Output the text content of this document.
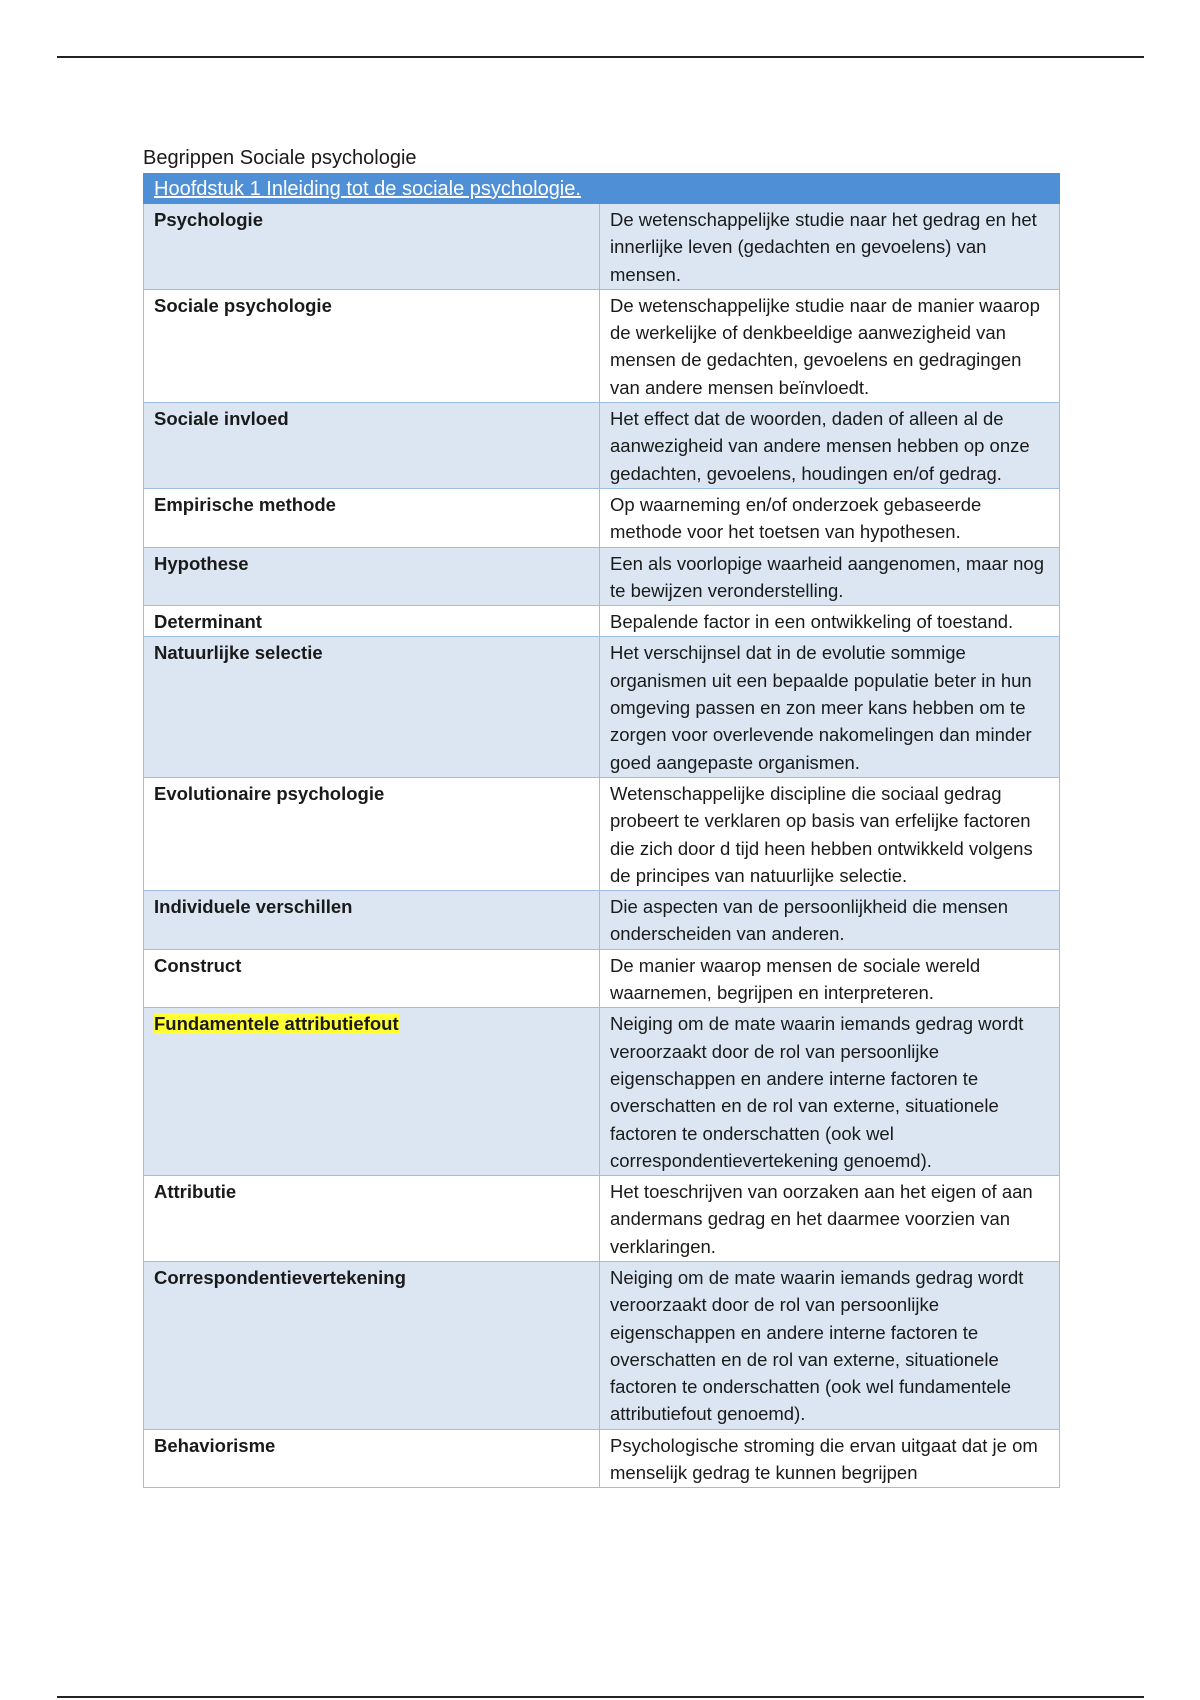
Begrippen Sociale psychologie
Hoofdstuk 1 Inleiding tot de sociale psychologie.	
Psychologie	De wetenschappelijke studie naar het gedrag en het innerlijke leven (gedachten en gevoelens) van mensen.
Sociale psychologie	De wetenschappelijke studie naar de manier waarop de werkelijke of denkbeeldige aanwezigheid van mensen de gedachten, gevoelens en gedragingen van andere mensen beïnvloedt.
Sociale invloed	Het effect dat de woorden, daden of alleen al de aanwezigheid van andere mensen hebben op onze gedachten, gevoelens, houdingen en/of gedrag.
Empirische methode	Op waarneming en/of onderzoek gebaseerde methode voor het toetsen van hypothesen.
Hypothese	Een als voorlopige waarheid aangenomen, maar nog te bewijzen veronderstelling.
Determinant	Bepalende factor in een ontwikkeling of toestand.
Natuurlijke selectie	Het verschijnsel dat in de evolutie sommige organismen uit een bepaalde populatie beter in hun omgeving passen en zon meer kans hebben om te zorgen voor overlevende nakomelingen dan minder goed aangepaste organismen.
Evolutionaire psychologie	Wetenschappelijke discipline die sociaal gedrag probeert te verklaren op basis van erfelijke factoren die zich door d tijd heen hebben ontwikkeld volgens de principes van natuurlijke selectie.
Individuele verschillen	Die aspecten van de persoonlijkheid die mensen onderscheiden van anderen.
Construct	De manier waarop mensen de sociale wereld waarnemen, begrijpen en interpreteren.
Fundamentele attributiefout	Neiging om de mate waarin iemands gedrag wordt veroorzaakt door de rol van persoonlijke eigenschappen en andere interne factoren te overschatten en de rol van externe, situationele factoren te onderschatten (ook wel correspondentievertekening genoemd).
Attributie	Het toeschrijven van oorzaken aan het eigen of aan andermans gedrag en het daarmee voorzien van verklaringen.
Correspondentievertekening	Neiging om de mate waarin iemands gedrag wordt veroorzaakt door de rol van persoonlijke eigenschappen en andere interne factoren te overschatten en de rol van externe, situationele factoren te onderschatten (ook wel fundamentele attributiefout genoemd).
Behaviorisme	Psychologische stroming die ervan uitgaat dat je om menselijk gedrag te kunnen begrijpen
